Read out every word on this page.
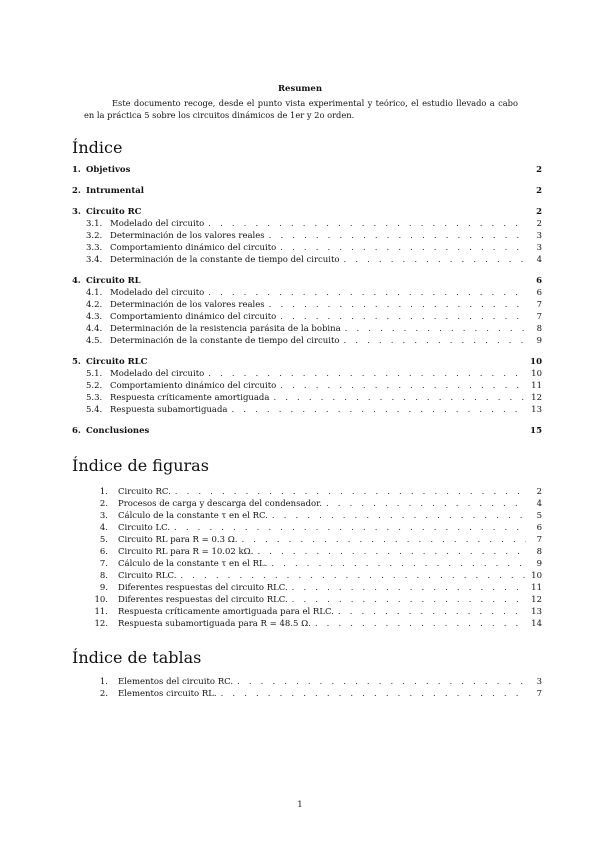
Resumen
Este documento recoge, desde el punto vista experimental y teórico, el estudio llevado a cabo en la práctica 5 sobre los circuitos dinámicos de 1er y 2o orden.
Índice
1. Objetivos	2
2. Intrumental	2
3. Circuito RC	2
3.1. Modelado del circuito . . .	2
3.2. Determinación de los valores reales . . .	3
3.3. Comportamiento dinámico del circuito . . .	3
3.4. Determinación de la constante de tiempo del circuito . . .	4
4. Circuito RL	6
4.1. Modelado del circuito . . .	6
4.2. Determinación de los valores reales . . .	7
4.3. Comportamiento dinámico del circuito . . .	7
4.4. Determinación de la resistencia parásita de la bobina . . .	8
4.5. Determinación de la constante de tiempo del circuito . . .	9
5. Circuito RLC	10
5.1. Modelado del circuito . . .	10
5.2. Comportamiento dinámico del circuito . . .	11
5.3. Respuesta críticamente amortiguada . . .	12
5.4. Respuesta subamortiguada . . .	13
6. Conclusiones	15
Índice de figuras
1. Circuito RC. . . .	2
2. Procesos de carga y descarga del condensador. . . .	4
3. Cálculo de la constante τ en el RC. . . .	5
4. Circuito LC. . . .	6
5. Circuito RL para R = 0.3 Ω. . . .	7
6. Circuito RL para R = 10.02 kΩ. . . .	8
7. Cálculo de la constante τ en el RL. . . .	9
8. Circuito RLC. . . .	10
9. Diferentes respuestas del circuito RLC. . . .	11
10. Diferentes respuestas del circuito RLC. . . .	12
11. Respuesta críticamente amortiguada para el RLC. . . .	13
12. Respuesta subamortiguada para R = 48.5 Ω. . . .	14
Índice de tablas
1. Elementos del circuito RC. . . .	3
2. Elementos circuito RL. . . .	7
1
